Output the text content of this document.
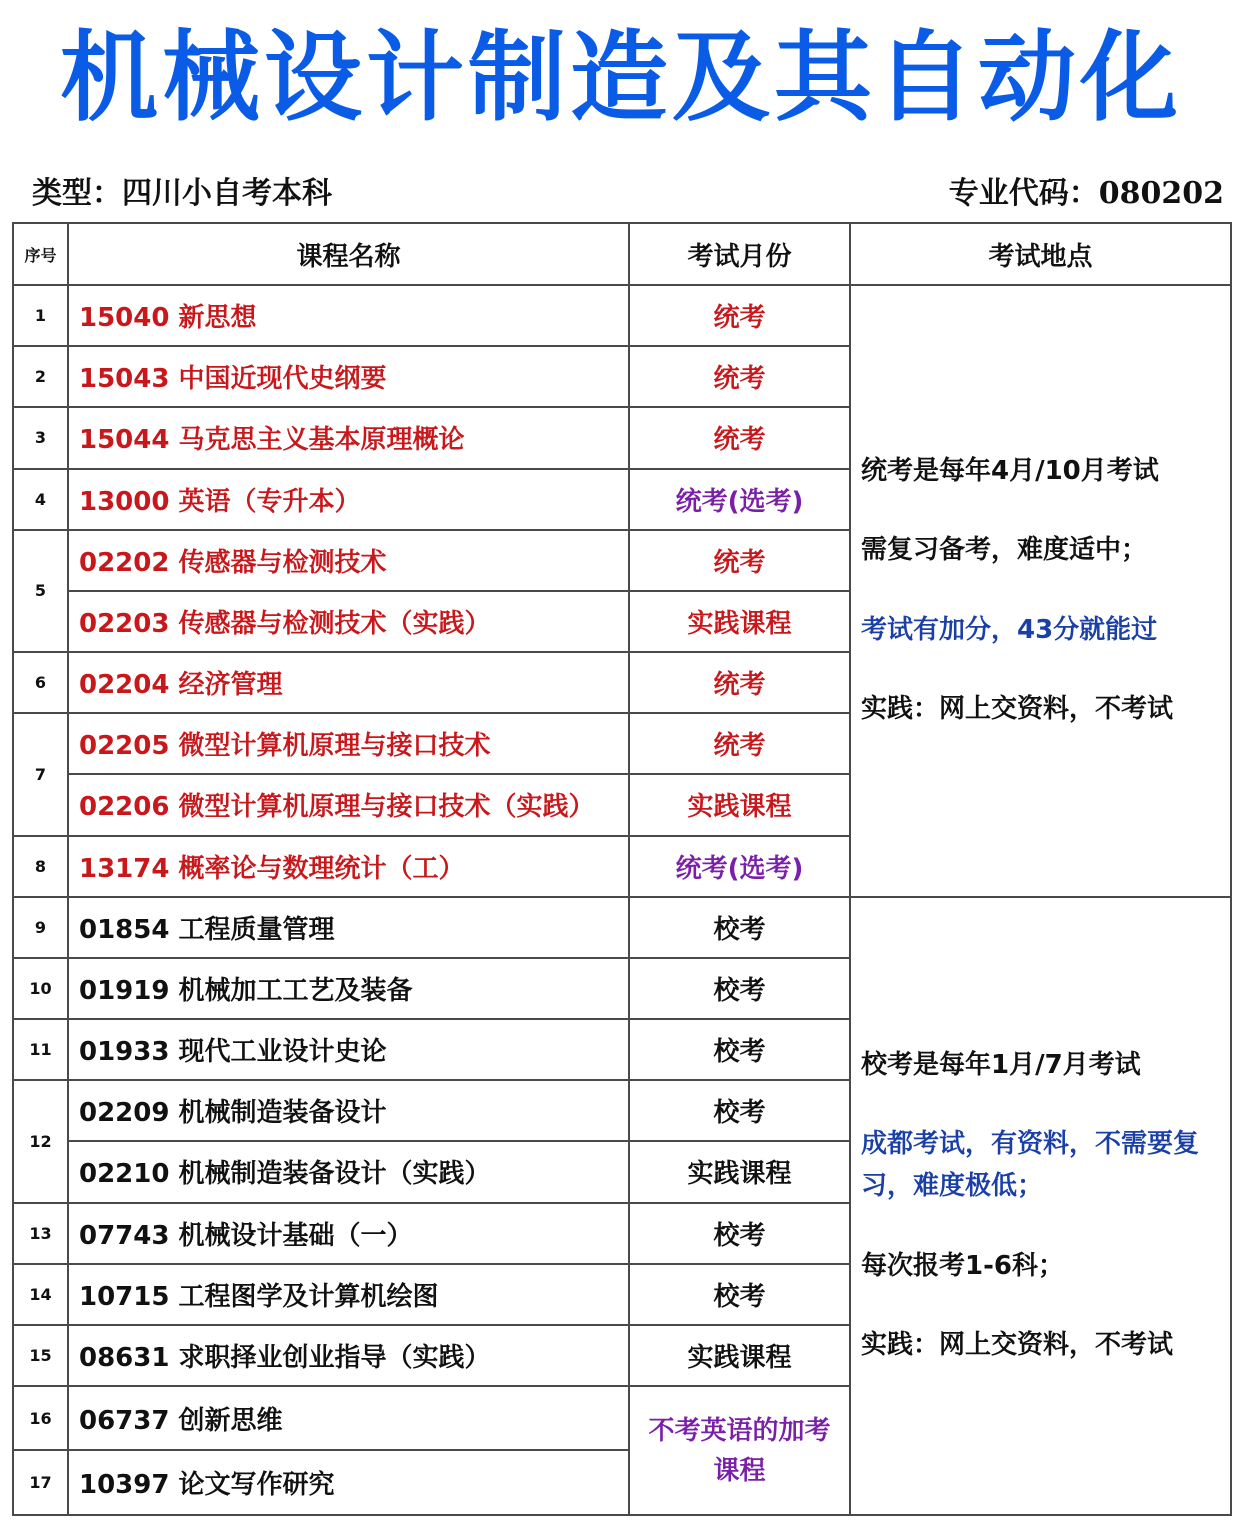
机械设计制造及其自动化
类型：四川小自考本科	专业代码：080202
序号	课程名称	考试月份	考试地点
1	15040 新思想	统考	统考是每年4月/10月考试

需复习备考，难度适中；

考试有加分，43分就能过

实践：网上交资料，不考试

2	15043 中国近现代史纲要	统考	
3	15044 马克思主义基本原理概论	统考	
4	13000 英语（专升本）	统考(选考)	
5	02202 传感器与检测技术	统考	
	02203 传感器与检测技术（实践）	实践课程	
6	02204 经济管理	统考	
7	02205 微型计算机原理与接口技术	统考	
	02206 微型计算机原理与接口技术（实践）	实践课程	
8	13174 概率论与数理统计（工）	统考(选考)	
9	01854 工程质量管理	校考	校考是每年1月/7月考试

成都考试，有资料，不需要复习，难度极低；

每次报考1-6科；

实践：网上交资料，不考试

10	01919 机械加工工艺及装备	校考	
11	01933 现代工业设计史论	校考	
12	02209 机械制造装备设计	校考	
	02210 机械制造装备设计（实践）	实践课程	
13	07743 机械设计基础（一）	校考	
14	10715 工程图学及计算机绘图	校考	
15	08631 求职择业创业指导（实践）	实践课程	
16	06737 创新思维	不考英语的加考课程	
17	10397 论文写作研究		
